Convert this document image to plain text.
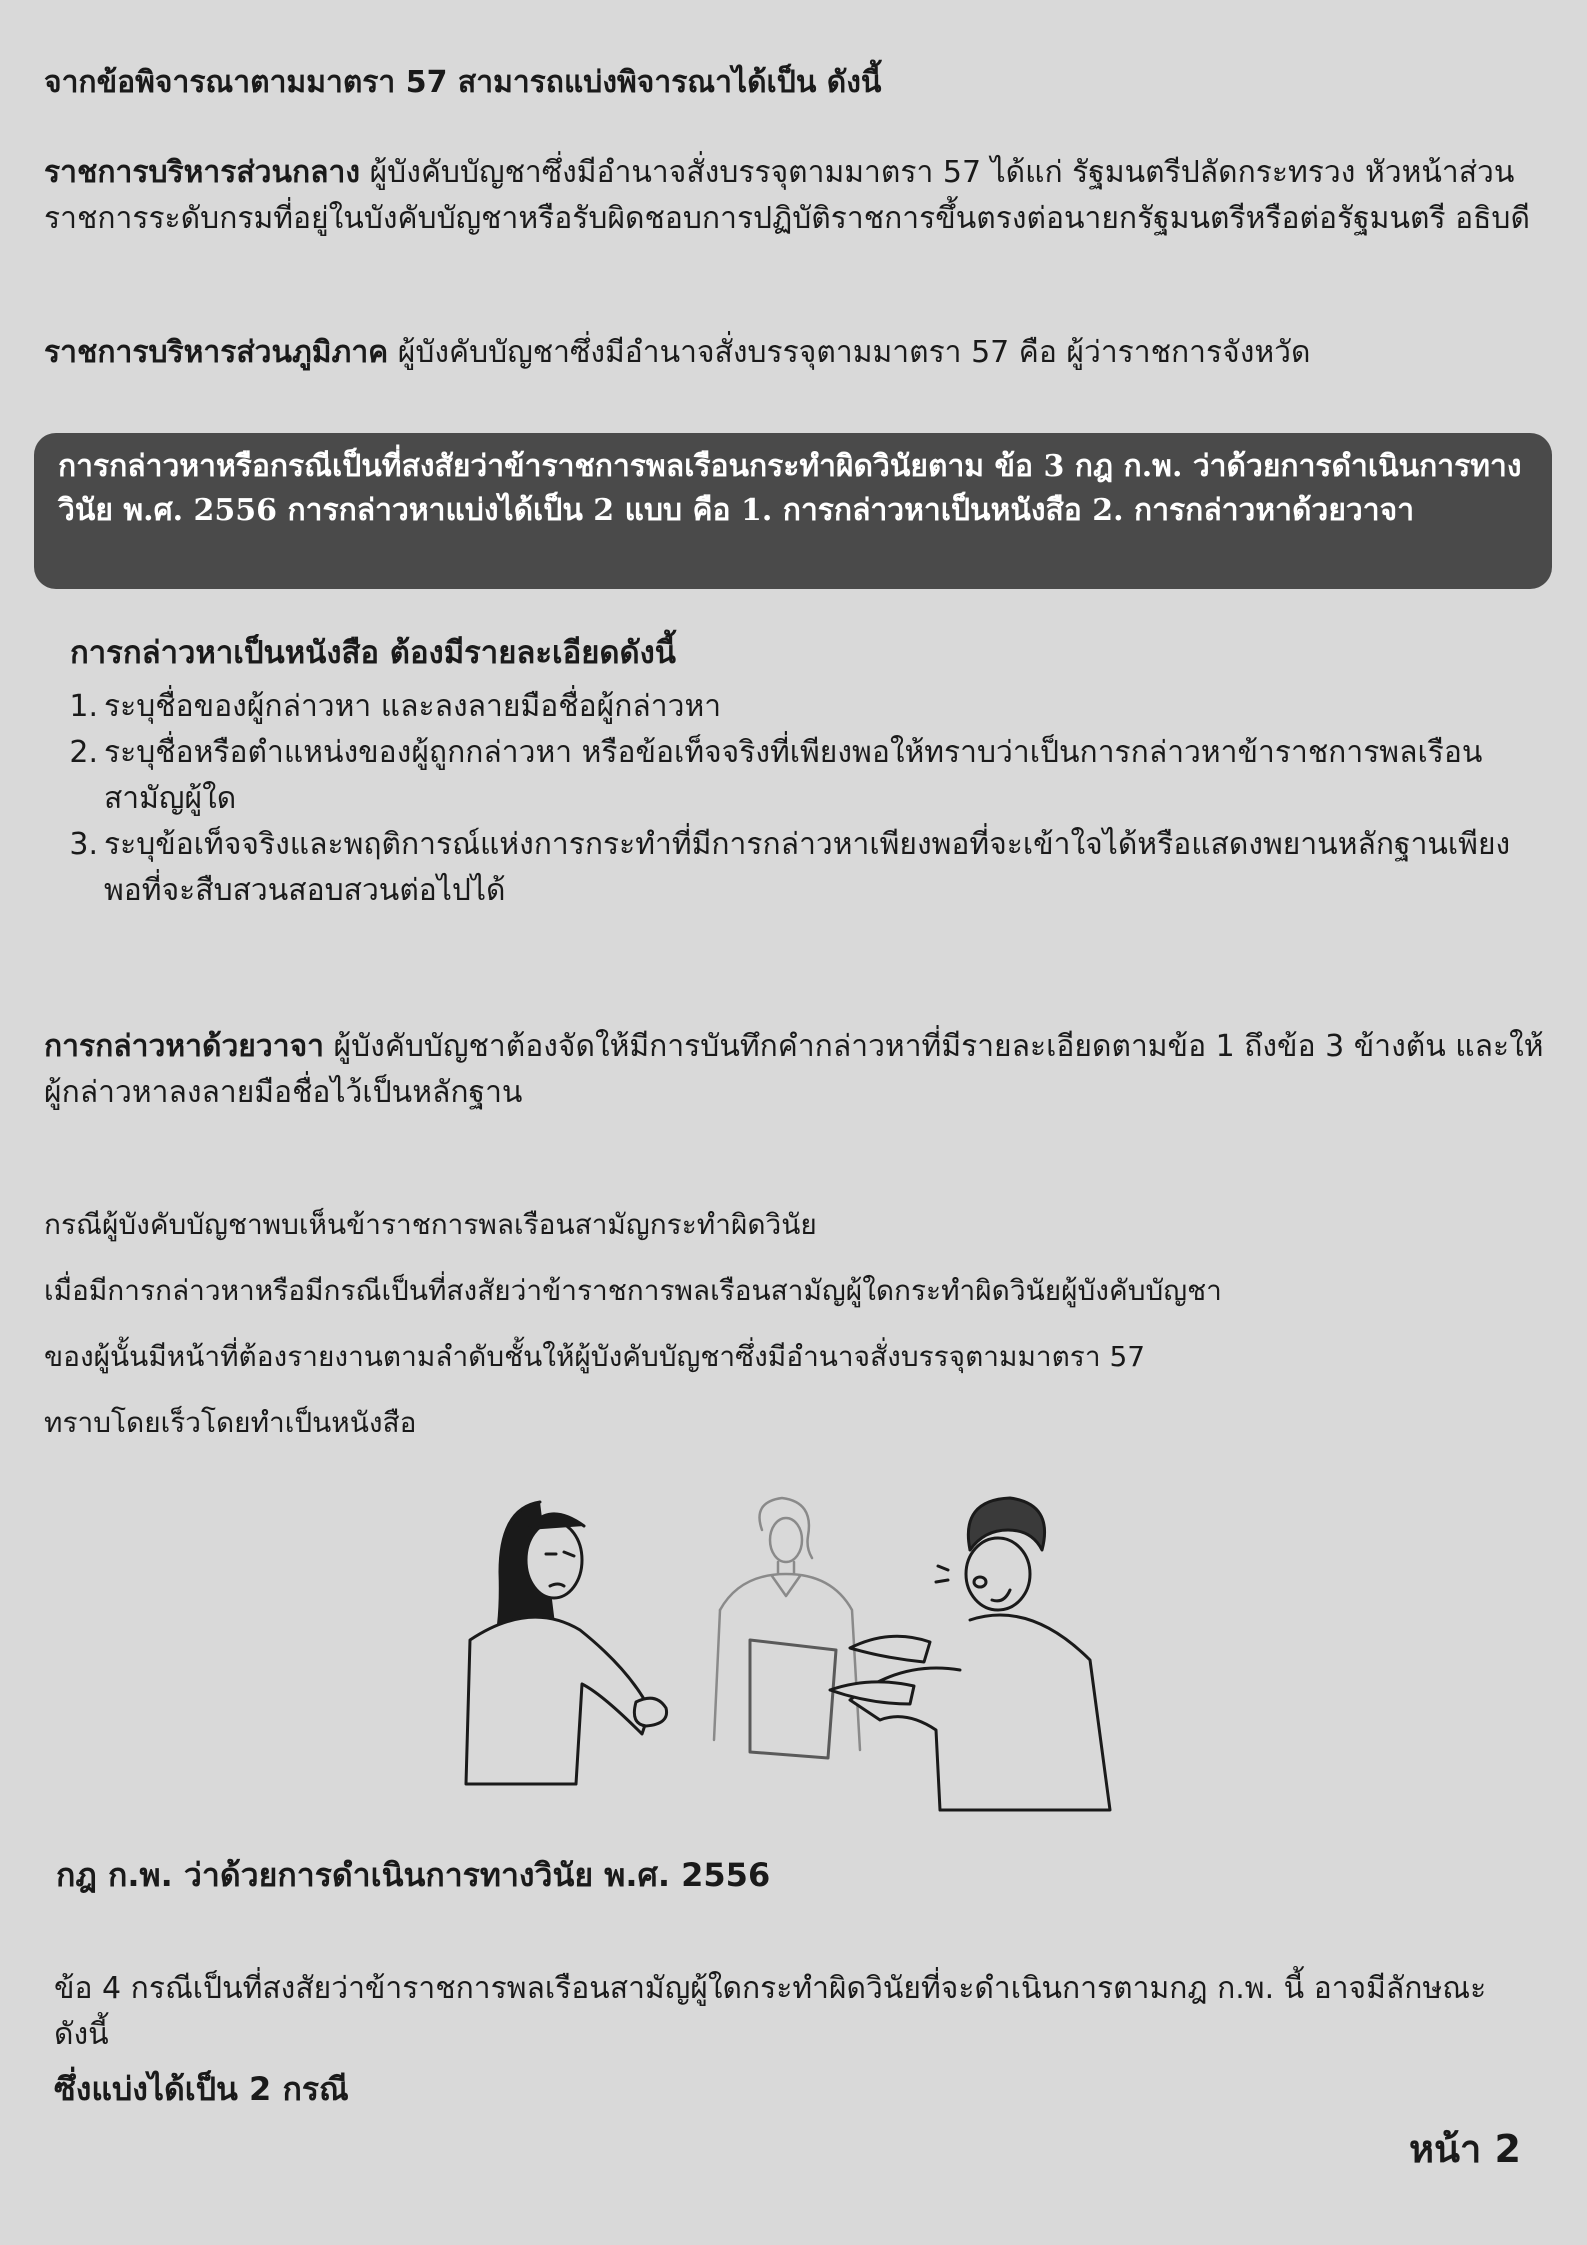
จากข้อพิจารณาตามมาตรา 57 สามารถแบ่งพิจารณาได้เป็น ดังนี้
ราชการบริหารส่วนกลาง ผู้บังคับบัญชาซึ่งมีอำนาจสั่งบรรจุตามมาตรา 57 ได้แก่ รัฐมนตรีปลัดกระทรวง หัวหน้าส่วนราชการระดับกรมที่อยู่ในบังคับบัญชาหรือรับผิดชอบการปฏิบัติราชการขึ้นตรงต่อนายกรัฐมนตรีหรือต่อรัฐมนตรี อธิบดี
ราชการบริหารส่วนภูมิภาค ผู้บังคับบัญชาซึ่งมีอำนาจสั่งบรรจุตามมาตรา 57 คือ ผู้ว่าราชการจังหวัด
การกล่าวหาหรือกรณีเป็นที่สงสัยว่าข้าราชการพลเรือนกระทำผิดวินัยตาม ข้อ 3 กฎ ก.พ. ว่าด้วยการดำเนินการทางวินัย พ.ศ. 2556 การกล่าวหาแบ่งได้เป็น 2 แบบ คือ 1. การกล่าวหาเป็นหนังสือ 2. การกล่าวหาด้วยวาจา
การกล่าวหาเป็นหนังสือ ต้องมีรายละเอียดดังนี้
1. ระบุชื่อของผู้กล่าวหา และลงลายมือชื่อผู้กล่าวหา
2. ระบุชื่อหรือตำแหน่งของผู้ถูกกล่าวหา หรือข้อเท็จจริงที่เพียงพอให้ทราบว่าเป็นการกล่าวหาข้าราชการพลเรือนสามัญผู้ใด
3. ระบุข้อเท็จจริงและพฤติการณ์แห่งการกระทำที่มีการกล่าวหาเพียงพอที่จะเข้าใจได้หรือแสดงพยานหลักฐานเพียงพอที่จะสืบสวนสอบสวนต่อไปได้
การกล่าวหาด้วยวาจา ผู้บังคับบัญชาต้องจัดให้มีการบันทึกคำกล่าวหาที่มีรายละเอียดตามข้อ 1 ถึงข้อ 3 ข้างต้น และให้ผู้กล่าวหาลงลายมือชื่อไว้เป็นหลักฐาน
กรณีผู้บังคับบัญชาพบเห็นข้าราชการพลเรือนสามัญกระทำผิดวินัย
เมื่อมีการกล่าวหาหรือมีกรณีเป็นที่สงสัยว่าข้าราชการพลเรือนสามัญผู้ใดกระทำผิดวินัยผู้บังคับบัญชา
ของผู้นั้นมีหน้าที่ต้องรายงานตามลำดับชั้นให้ผู้บังคับบัญชาซึ่งมีอำนาจสั่งบรรจุตามมาตรา 57
ทราบโดยเร็วโดยทำเป็นหนังสือ
กฎ ก.พ. ว่าด้วยการดำเนินการทางวินัย พ.ศ. 2556
ข้อ 4 กรณีเป็นที่สงสัยว่าข้าราชการพลเรือนสามัญผู้ใดกระทำผิดวินัยที่จะดำเนินการตามกฎ ก.พ. นี้ อาจมีลักษณะดังนี้
ซึ่งแบ่งได้เป็น 2 กรณี
หน้า 2
